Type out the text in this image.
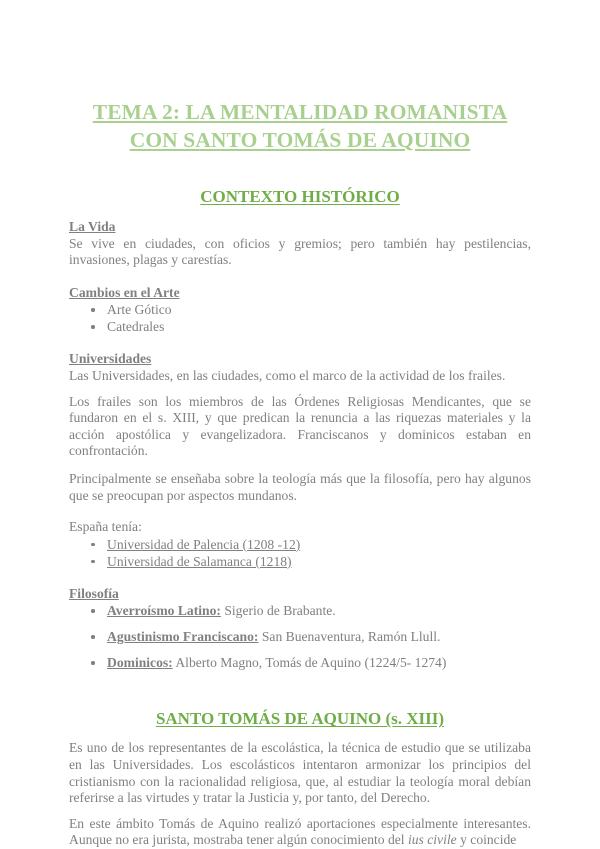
TEMA 2: LA MENTALIDAD ROMANISTA CON SANTO TOMÁS DE AQUINO
CONTEXTO HISTÓRICO
La Vida

Se vive en ciudades, con oficios y gremios; pero también hay pestilencias, invasiones, plagas y carestías.

Cambios en el Arte
Arte Gótico
Catedrales
Universidades

Las Universidades, en las ciudades, como el marco de la actividad de los frailes.

Los frailes son los miembros de las Órdenes Religiosas Mendicantes, que se fundaron en el s. XIII, y que predican la renuncia a las riquezas materiales y la acción apostólica y evangelizadora. Franciscanos y dominicos estaban en confrontación.

Principalmente se enseñaba sobre la teología más que la filosofía, pero hay algunos que se preocupan por aspectos mundanos.

España tenía:

Universidad de Palencia (1208 -12)
Universidad de Salamanca (1218)
Filosofía
Averroísmo Latino: Sigerio de Brabante.
Agustinismo Franciscano: San Buenaventura, Ramón Llull.
Dominicos: Alberto Magno, Tomás de Aquino (1224/5- 1274)
SANTO TOMÁS DE AQUINO (s. XIII)

Es uno de los representantes de la escolástica, la técnica de estudio que se utilizaba en las Universidades. Los escolásticos intentaron armonizar los principios del cristianismo con la racionalidad religiosa, que, al estudiar la teología moral debían referirse a las virtudes y tratar la Justicia y, por tanto, del Derecho.

En este ámbito Tomás de Aquino realizó aportaciones especialmente interesantes. Aunque no era jurista, mostraba tener algún conocimiento del ius civile y coincide
